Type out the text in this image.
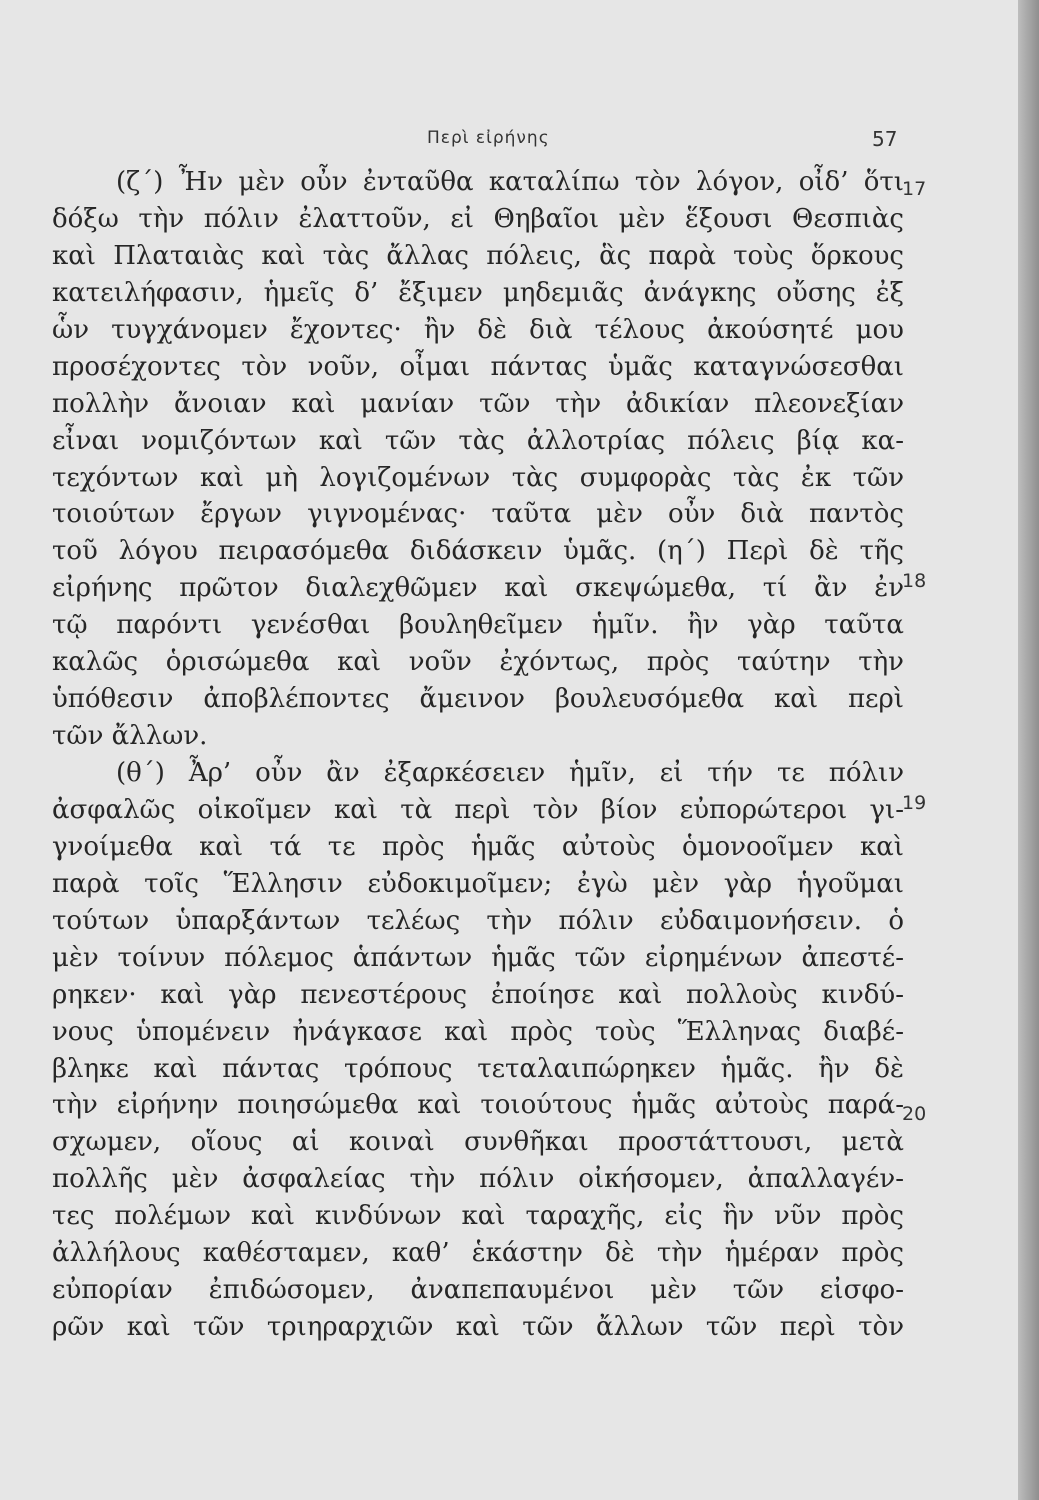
Περὶ εἰρήνης	57
(ζ΄) Ἦν μὲν οὖν ἐνταῦθα καταλίπω τὸν λόγον, οἶδ’ ὅτι
δόξω τὴν πόλιν ἐλαττοῦν, εἰ Θηβαῖοι μὲν ἕξουσι Θεσπιὰς
καὶ Πλαταιὰς καὶ τὰς ἄλλας πόλεις, ἃς παρὰ τοὺς ὅρκους
κατειλήφασιν, ἡμεῖς δ’ ἔξιμεν μηδεμιᾶς ἀνάγκης οὔσης ἐξ
ὧν τυγχάνομεν ἔχοντες· ἢν δὲ διὰ τέλους ἀκούσητέ μου
προσέχοντες τὸν νοῦν, οἶμαι πάντας ὑμᾶς καταγνώσεσθαι
πολλὴν ἄνοιαν καὶ μανίαν τῶν τὴν ἀδικίαν πλεονεξίαν
εἶναι νομιζόντων καὶ τῶν τὰς ἀλλοτρίας πόλεις βίᾳ κα-
τεχόντων καὶ μὴ λογιζομένων τὰς συμφορὰς τὰς ἐκ τῶν
τοιούτων ἔργων γιγνομένας· ταῦτα μὲν οὖν διὰ παντὸς
τοῦ λόγου πειρασόμεθα διδάσκειν ὑμᾶς. (η΄) Περὶ δὲ τῆς
εἰρήνης πρῶτον διαλεχθῶμεν καὶ σκεψώμεθα, τί ἂν ἐν
τῷ παρόντι γενέσθαι βουληθεῖμεν ἡμῖν. ἢν γὰρ ταῦτα
καλῶς ὁρισώμεθα καὶ νοῦν ἐχόντως, πρὸς ταύτην τὴν
ὑπόθεσιν ἀποβλέποντες ἄμεινον βουλευσόμεθα καὶ περὶ
τῶν ἄλλων.
(θ΄) Ἆρ’ οὖν ἂν ἐξαρκέσειεν ἡμῖν, εἰ τήν τε πόλιν
ἀσφαλῶς οἰκοῖμεν καὶ τὰ περὶ τὸν βίον εὐπορώτεροι γι-
γνοίμεθα καὶ τά τε πρὸς ἡμᾶς αὐτοὺς ὁμονοοῖμεν καὶ
παρὰ τοῖς Ἕλλησιν εὐδοκιμοῖμεν; ἐγὼ μὲν γὰρ ἡγοῦμαι
τούτων ὑπαρξάντων τελέως τὴν πόλιν εὐδαιμονήσειν. ὁ
μὲν τοίνυν πόλεμος ἁπάντων ἡμᾶς τῶν εἰρημένων ἀπεστέ-
ρηκεν· καὶ γὰρ πενεστέρους ἐποίησε καὶ πολλοὺς κινδύ-
νους ὑπομένειν ἠνάγκασε καὶ πρὸς τοὺς Ἕλληνας διαβέ-
βληκε καὶ πάντας τρόπους τεταλαιπώρηκεν ἡμᾶς. ἢν δὲ
τὴν εἰρήνην ποιησώμεθα καὶ τοιούτους ἡμᾶς αὐτοὺς παρά-
σχωμεν, οἵους αἱ κοιναὶ συνθῆκαι προστάττουσι, μετὰ
πολλῆς μὲν ἀσφαλείας τὴν πόλιν οἰκήσομεν, ἀπαλλαγέν-
τες πολέμων καὶ κινδύνων καὶ ταραχῆς, εἰς ἣν νῦν πρὸς
ἀλλήλους καθέσταμεν, καθ’ ἑκάστην δὲ τὴν ἡμέραν πρὸς
εὐπορίαν ἐπιδώσομεν, ἀναπεπαυμένοι μὲν τῶν εἰσφο-
ρῶν καὶ τῶν τριηραρχιῶν καὶ τῶν ἄλλων τῶν περὶ τὸν
17
18
19
20
